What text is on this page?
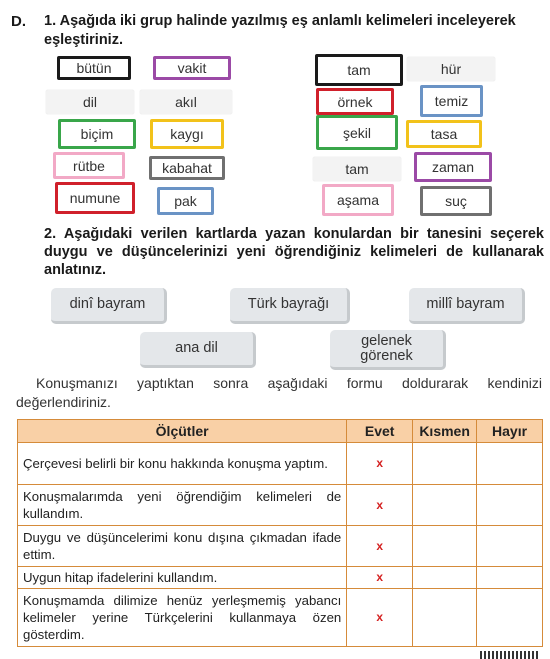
D. 1. Aşağıda iki grup halinde yazılmış eş anlamlı kelimeleri inceleyerek eşleştiriniz.
bütün	vakit
dil	akıl
biçim	kaygı
rütbe	kabahat
numune	pak
tam	hür
örnek	temiz
şekil	tasa
tam	zaman
aşama	suç
2. Aşağıdaki verilen kartlarda yazan konulardan bir tanesini seçerek duygu ve düşüncelerinizi yeni öğrendiğiniz kelimeleri de kullanarak anlatınız.
dinî bayram	Türk bayrağı	millî bayram
ana dil	gelenek
görenek
Konuşmanızı yaptıktan sonra aşağıdaki formu doldurarak kendinizi değerlendiriniz.
Ölçütler	Evet	Kısmen	Hayır
Çerçevesi belirli bir konu hakkında konuşma yaptım.	x		
Konuşmalarımda yeni öğrendiğim kelimeleri de kullandım.	x		
Duygu ve düşüncelerimi konu dışına çıkmadan ifade ettim.	x		
Uygun hitap ifadelerini kullandım.	x		
Konuşmamda dilimize henüz yerleşmemiş yabancı kelimeler yerine Türkçelerini kullanmaya özen gösterdim.	x		
